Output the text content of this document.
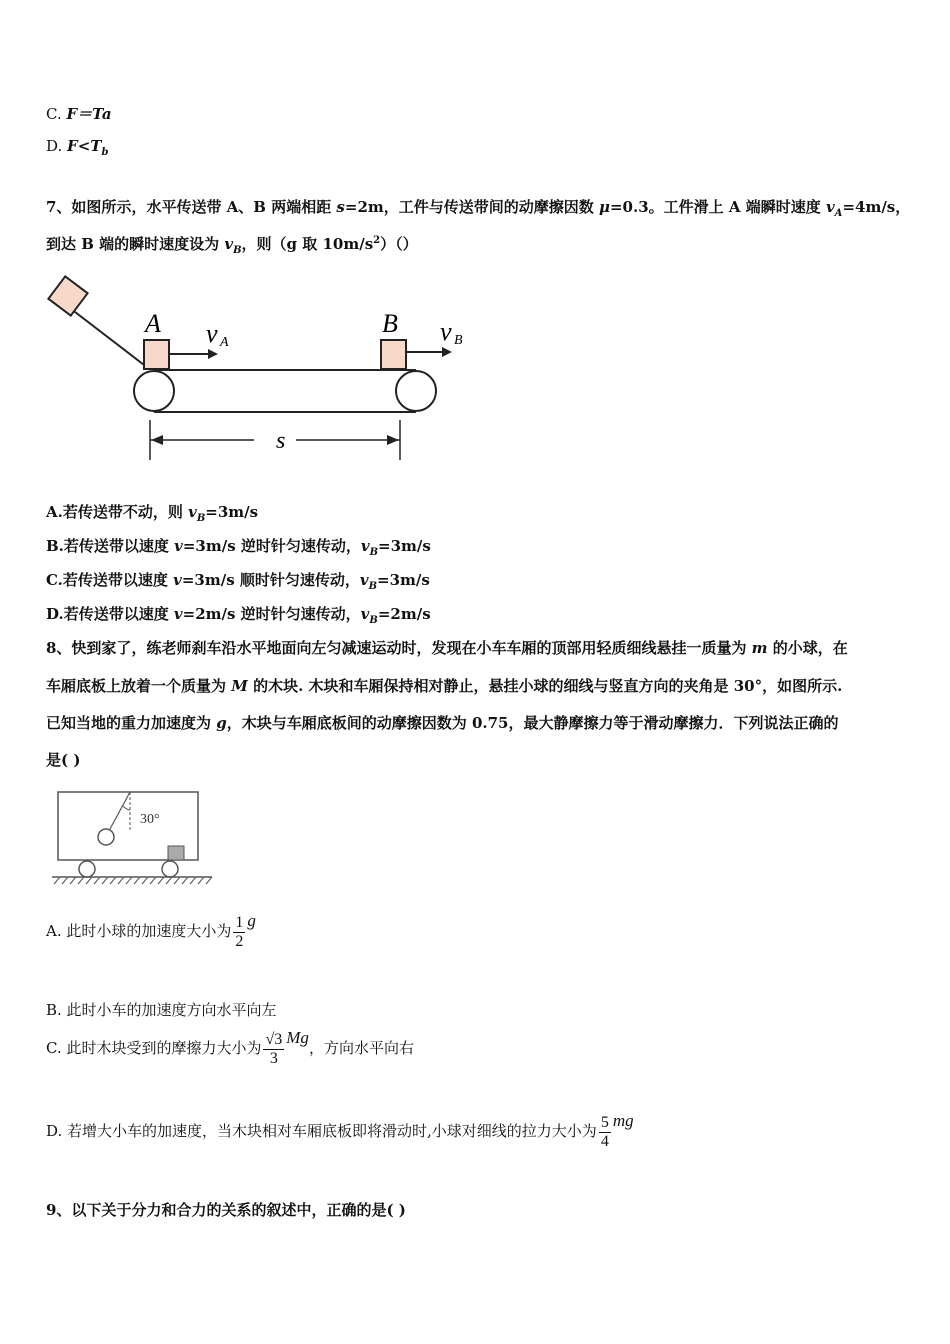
C. F＝Ta
D. $F<T_b$
7、如图所示，水平传送带 A、B 两端相距 s=2m，工件与传送带间的动摩擦因数 μ=0.3。工件滑上 A 端瞬时速度 $v_A=4m/s$，
到达 B 端的瞬时速度设为 $v_B$，则（g 取 $10m/s^2)()$
A	B
v A	v B
s
A.若传送带不动，则 $v_B=3m/s$
B.若传送带以速度 v=3m/s 逆时针匀速传动，$v_B=3m/s$
C.若传送带以速度 v=3m/s 顺时针匀速传动，$v_B=3m/s$
D.若传送带以速度 v=2m/s 逆时针匀速传动，$v_B=2m/s$
8、快到家了，练老师刹车沿水平地面向左匀减速运动时，发现在小车车厢的顶部用轻质细线悬挂一质量为 m 的小球，在
车厢底板上放着一个质量为 M 的木块. 木块和车厢保持相对静止，悬挂小球的细线与竖直方向的夹角是 30°，如图所示.
已知当地的重力加速度为 g，木块与车厢底板间的动摩擦因数为 0.75，最大静摩擦力等于滑动摩擦力．下列说法正确的
是( )
30°
A. 此时小球的加速度大小为 $\frac{1}{2}$ g
B. 此时小车的加速度方向水平向左
C. 此时木块受到的摩擦力大小为 $\frac{√3}{3}$ Mg，方向水平向右
D. 若增大小车的加速度，当木块相对车厢底板即将滑动时,小球对细线的拉力大小为 $\frac{5}{4}$ mg
9、以下关于分力和合力的关系的叙述中，正确的是( )
